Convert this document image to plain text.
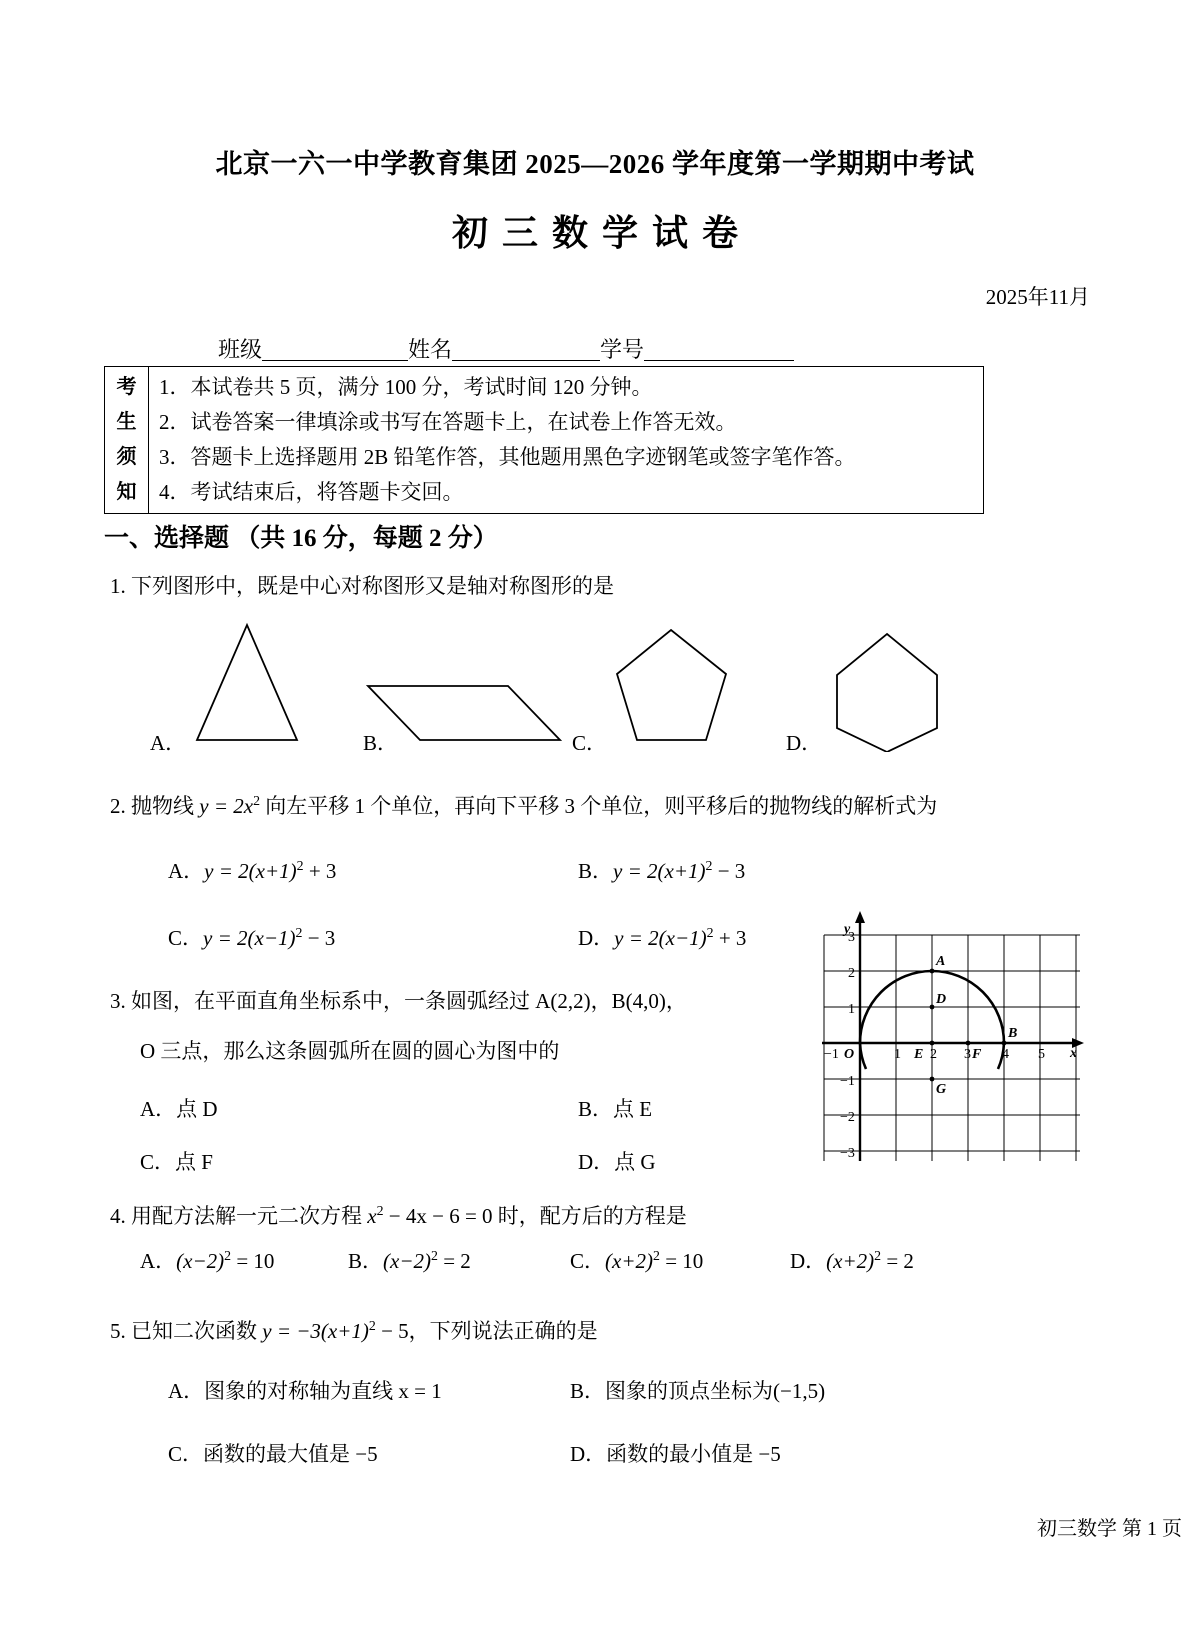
北京一六一中学教育集团 2025—2026 学年度第一学期期中考试
初三数学试卷
2025年11月
班级	姓名	学号
考
生
须
知
1．本试卷共 5 页，满分 100 分，考试时间 120 分钟。
2．试卷答案一律填涂或书写在答题卡上，在试卷上作答无效。
3．答题卡上选择题用 2B 铅笔作答，其他题用黑色字迹钢笔或签字笔作答。
4．考试结束后，将答题卡交回。
一、选择题 （共 16 分，每题 2 分）
1. 下列图形中，既是中心对称图形又是轴对称图形的是
A．	B．	C．	D．
2. 抛物线 $y = 2x^2$ 向左平移 1 个单位，再向下平移 3 个单位，则平移后的抛物线的解析式为
A．$y = 2(x+1)^2 + 3$	B．$y = 2(x+1)^2 - 3$
C．$y = 2(x-1)^2 - 3$	D．$y = 2(x-1)^2 + 3$
3. 如图，在平面直角坐标系中，一条圆弧经过 A(2,2)，B(4,0)，
O 三点，那么这条圆弧所在圆的圆心为图中的
A．点 D	B．点 E
C．点 F	D．点 G
y
x
O
A
D
E	F
G
B
−1	1 2 3 4 5
3
2
1
−1
−2
−3
4. 用配方法解一元二次方程 $x^2 - 4x - 6 = 0$ 时，配方后的方程是
A．$(x-2)^2 = 10$	B．$(x-2)^2 = 2$	C．$(x+2)^2 = 10$	D．$(x+2)^2 = 2$
5. 已知二次函数 $y = -3(x+1)^2 - 5$，下列说法正确的是
A．图象的对称轴为直线 x = 1	B．图象的顶点坐标为(−1,5)
C．函数的最大值是 −5	D．函数的最小值是 −5
初三数学 第 1 页
